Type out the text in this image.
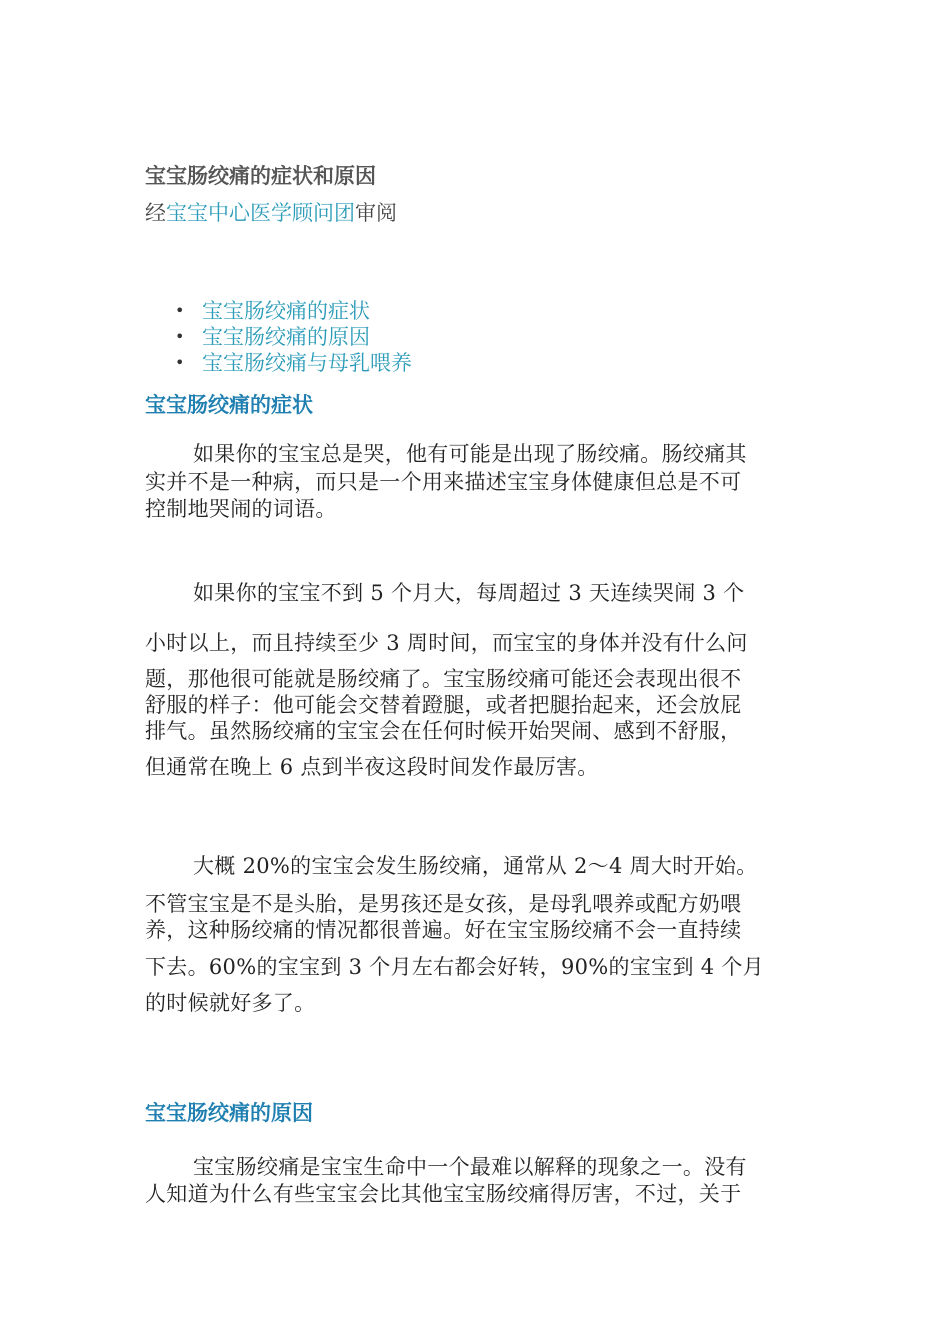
宝宝肠绞痛的症状和原因
经宝宝中心医学顾问团审阅
• 宝宝肠绞痛的症状
• 宝宝肠绞痛的原因
• 宝宝肠绞痛与母乳喂养
宝宝肠绞痛的症状
如果你的宝宝总是哭，他有可能是出现了肠绞痛。肠绞痛其
实并不是一种病，而只是一个用来描述宝宝身体健康但总是不可
控制地哭闹的词语。
如果你的宝宝不到 5 个月大，每周超过 3 天连续哭闹 3 个
小时以上，而且持续至少 3 周时间，而宝宝的身体并没有什么问
题，那他很可能就是肠绞痛了。宝宝肠绞痛可能还会表现出很不
舒服的样子：他可能会交替着蹬腿，或者把腿抬起来，还会放屁
排气。虽然肠绞痛的宝宝会在任何时候开始哭闹、感到不舒服，
但通常在晚上 6 点到半夜这段时间发作最厉害。
大概 20%的宝宝会发生肠绞痛，通常从 2～4 周大时开始。
不管宝宝是不是头胎，是男孩还是女孩，是母乳喂养或配方奶喂
养，这种肠绞痛的情况都很普遍。好在宝宝肠绞痛不会一直持续
下去。60%的宝宝到 3 个月左右都会好转，90%的宝宝到 4 个月
的时候就好多了。
宝宝肠绞痛的原因
宝宝肠绞痛是宝宝生命中一个最难以解释的现象之一。没有
人知道为什么有些宝宝会比其他宝宝肠绞痛得厉害，不过，关于
